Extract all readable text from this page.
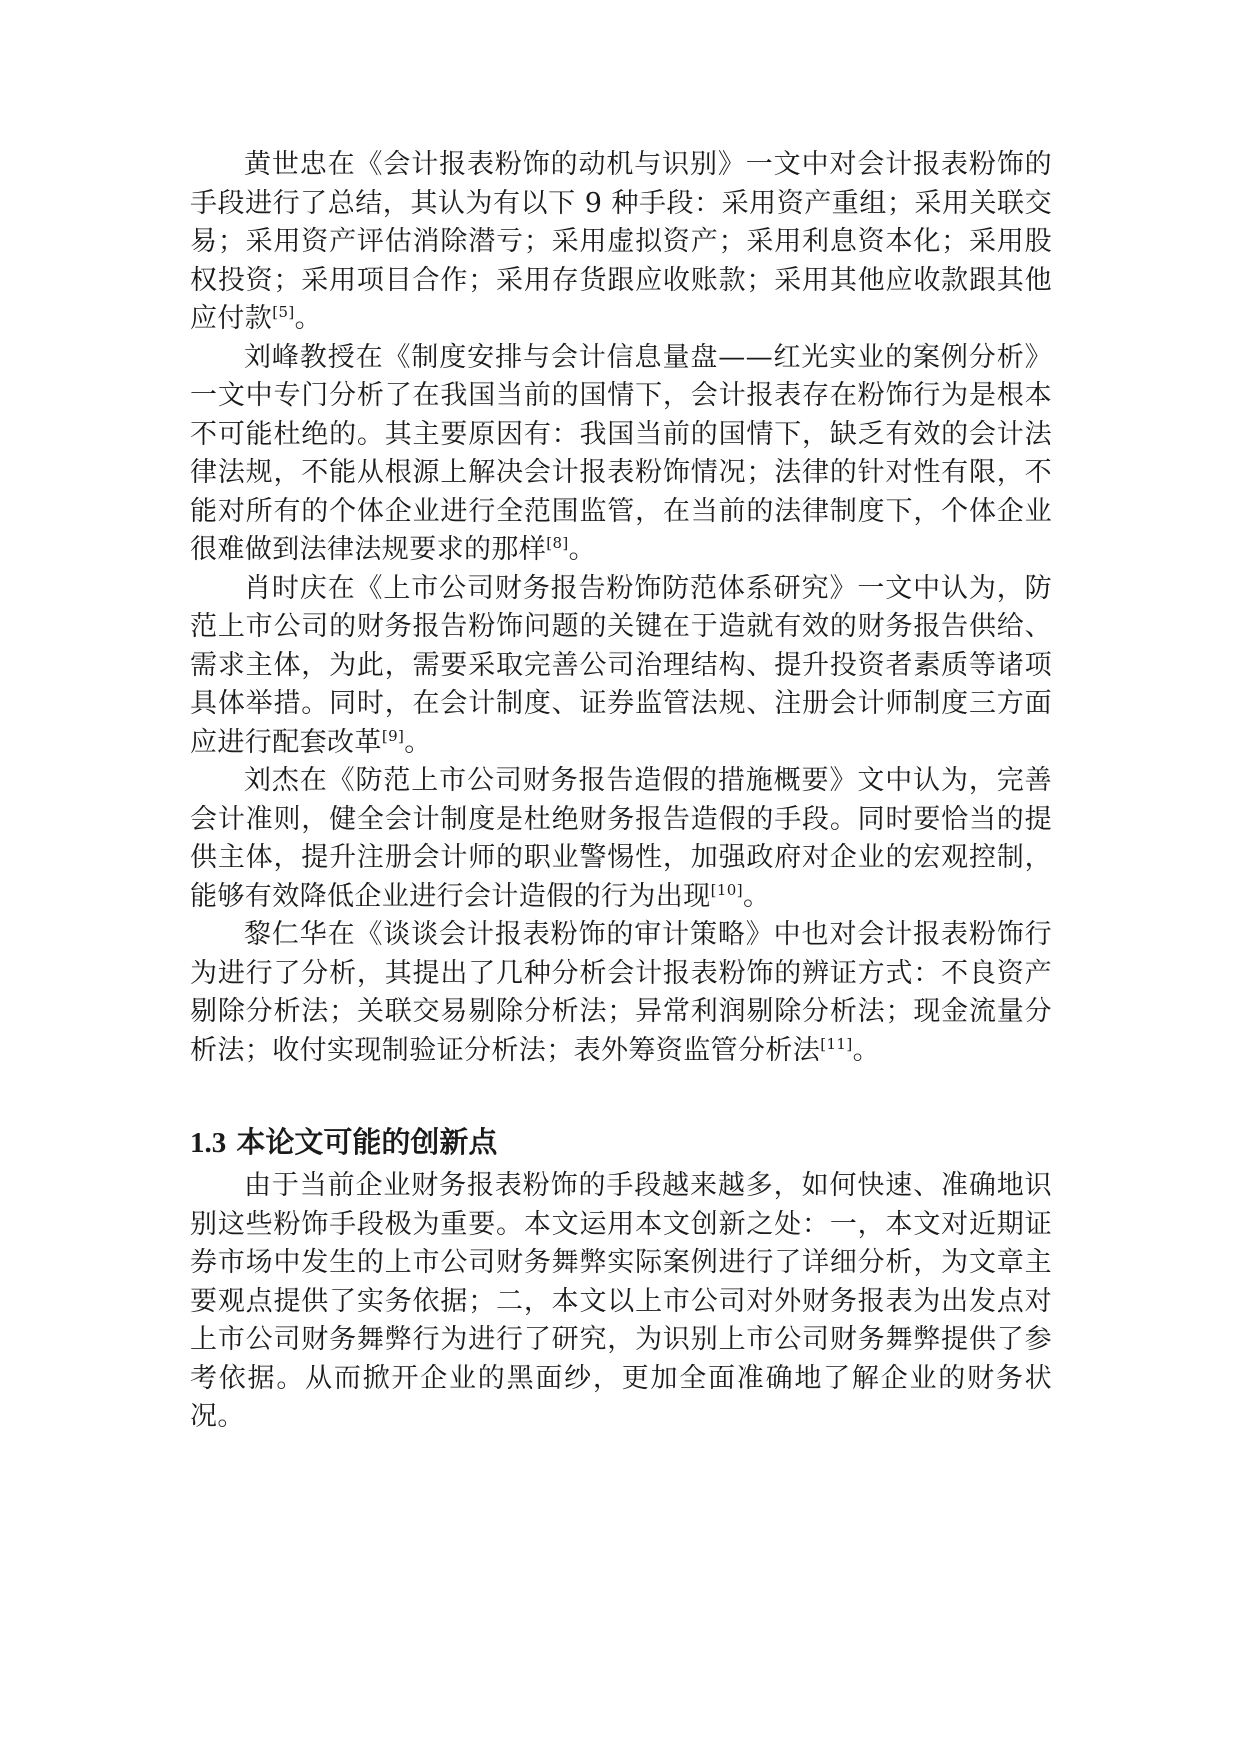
黄世忠在《会计报表粉饰的动机与识别》一文中对会计报表粉饰的手段进行了总结，其认为有以下 9 种手段：采用资产重组；采用关联交易；采用资产评估消除潜亏；采用虚拟资产；采用利息资本化；采用股权投资；采用项目合作；采用存货跟应收账款；采用其他应收款跟其他应付款[5]。

刘峰教授在《制度安排与会计信息量盘——红光实业的案例分析》一文中专门分析了在我国当前的国情下，会计报表存在粉饰行为是根本不可能杜绝的。其主要原因有：我国当前的国情下，缺乏有效的会计法律法规，不能从根源上解决会计报表粉饰情况；法律的针对性有限，不能对所有的个体企业进行全范围监管，在当前的法律制度下，个体企业很难做到法律法规要求的那样[8]。

肖时庆在《上市公司财务报告粉饰防范体系研究》一文中认为，防范上市公司的财务报告粉饰问题的关键在于造就有效的财务报告供给、需求主体，为此，需要采取完善公司治理结构、提升投资者素质等诸项具体举措。同时，在会计制度、证券监管法规、注册会计师制度三方面应进行配套改革[9]。

刘杰在《防范上市公司财务报告造假的措施概要》文中认为，完善会计准则，健全会计制度是杜绝财务报告造假的手段。同时要恰当的提供主体，提升注册会计师的职业警惕性，加强政府对企业的宏观控制，能够有效降低企业进行会计造假的行为出现[10]。

黎仁华在《谈谈会计报表粉饰的审计策略》中也对会计报表粉饰行为进行了分析，其提出了几种分析会计报表粉饰的辨证方式：不良资产剔除分析法；关联交易剔除分析法；异常利润剔除分析法；现金流量分析法；收付实现制验证分析法；表外筹资监管分析法[11]。

1.3 本论文可能的创新点

由于当前企业财务报表粉饰的手段越来越多，如何快速、准确地识别这些粉饰手段极为重要。本文运用本文创新之处：一，本文对近期证券市场中发生的上市公司财务舞弊实际案例进行了详细分析，为文章主要观点提供了实务依据；二，本文以上市公司对外财务报表为出发点对上市公司财务舞弊行为进行了研究，为识别上市公司财务舞弊提供了参考依据。从而掀开企业的黑面纱，更加全面准确地了解企业的财务状况。
